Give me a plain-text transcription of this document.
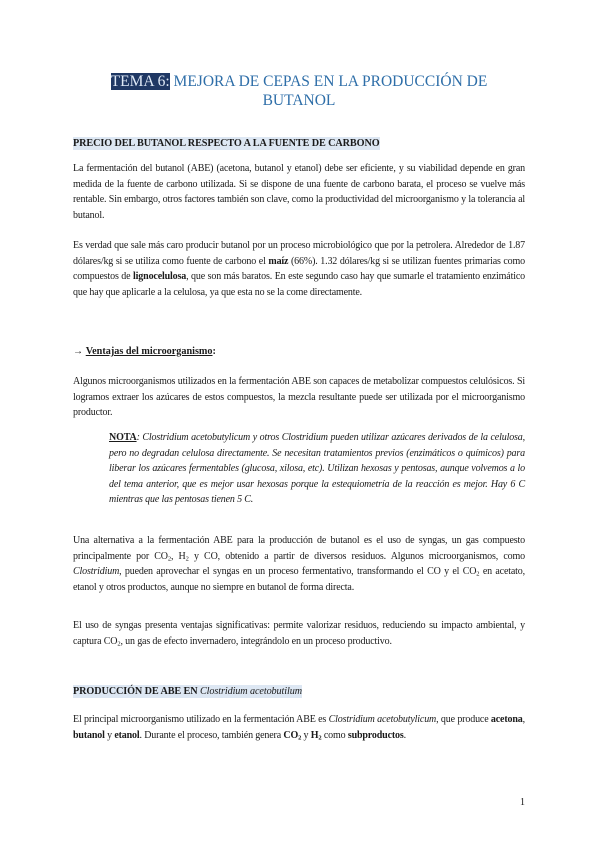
TEMA 6: MEJORA DE CEPAS EN LA PRODUCCIÓN DE BUTANOL
PRECIO DEL BUTANOL RESPECTO A LA FUENTE DE CARBONO
La fermentación del butanol (ABE) (acetona, butanol y etanol) debe ser eficiente, y su viabilidad depende en gran medida de la fuente de carbono utilizada. Si se dispone de una fuente de carbono barata, el proceso se vuelve más rentable. Sin embargo, otros factores también son clave, como la productividad del microorganismo y la tolerancia al butanol.
Es verdad que sale más caro producir butanol por un proceso microbiológico que por la petrolera. Alrededor de 1.87 dólares/kg si se utiliza como fuente de carbono el maíz (66%). 1.32 dólares/kg si se utilizan fuentes primarias como compuestos de lignocelulosa, que son más baratos. En este segundo caso hay que sumarle el tratamiento enzimático que hay que aplicarle a la celulosa, ya que esta no se la come directamente.
→ Ventajas del microorganismo:
Algunos microorganismos utilizados en la fermentación ABE son capaces de metabolizar compuestos celulósicos. Si logramos extraer los azúcares de estos compuestos, la mezcla resultante puede ser utilizada por el microorganismo productor.
NOTA: Clostridium acetobutylicum y otros Clostridium pueden utilizar azúcares derivados de la celulosa, pero no degradan celulosa directamente. Se necesitan tratamientos previos (enzimáticos o químicos) para liberar los azúcares fermentables (glucosa, xilosa, etc). Utilizan hexosas y pentosas, aunque volvemos a lo del tema anterior, que es mejor usar hexosas porque la estequiometría de la reacción es mejor. Hay 6 C mientras que las pentosas tienen 5 C.
Una alternativa a la fermentación ABE para la producción de butanol es el uso de syngas, un gas compuesto principalmente por $CO_2$, $H_2$ y CO, obtenido a partir de diversos residuos. Algunos microorganismos, como Clostridium, pueden aprovechar el syngas en un proceso fermentativo, transformando el CO y el $CO_2$ en acetato, etanol y otros productos, aunque no siempre en butanol de forma directa.
El uso de syngas presenta ventajas significativas: permite valorizar residuos, reduciendo su impacto ambiental, y captura $CO_2$, un gas de efecto invernadero, integrándolo en un proceso productivo.
PRODUCCIÓN DE ABE EN Clostridium acetobutilum
El principal microorganismo utilizado en la fermentación ABE es Clostridium acetobutylicum, que produce acetona, butanol y etanol. Durante el proceso, también genera $CO_2$ y $H_2$ como subproductos.
1
